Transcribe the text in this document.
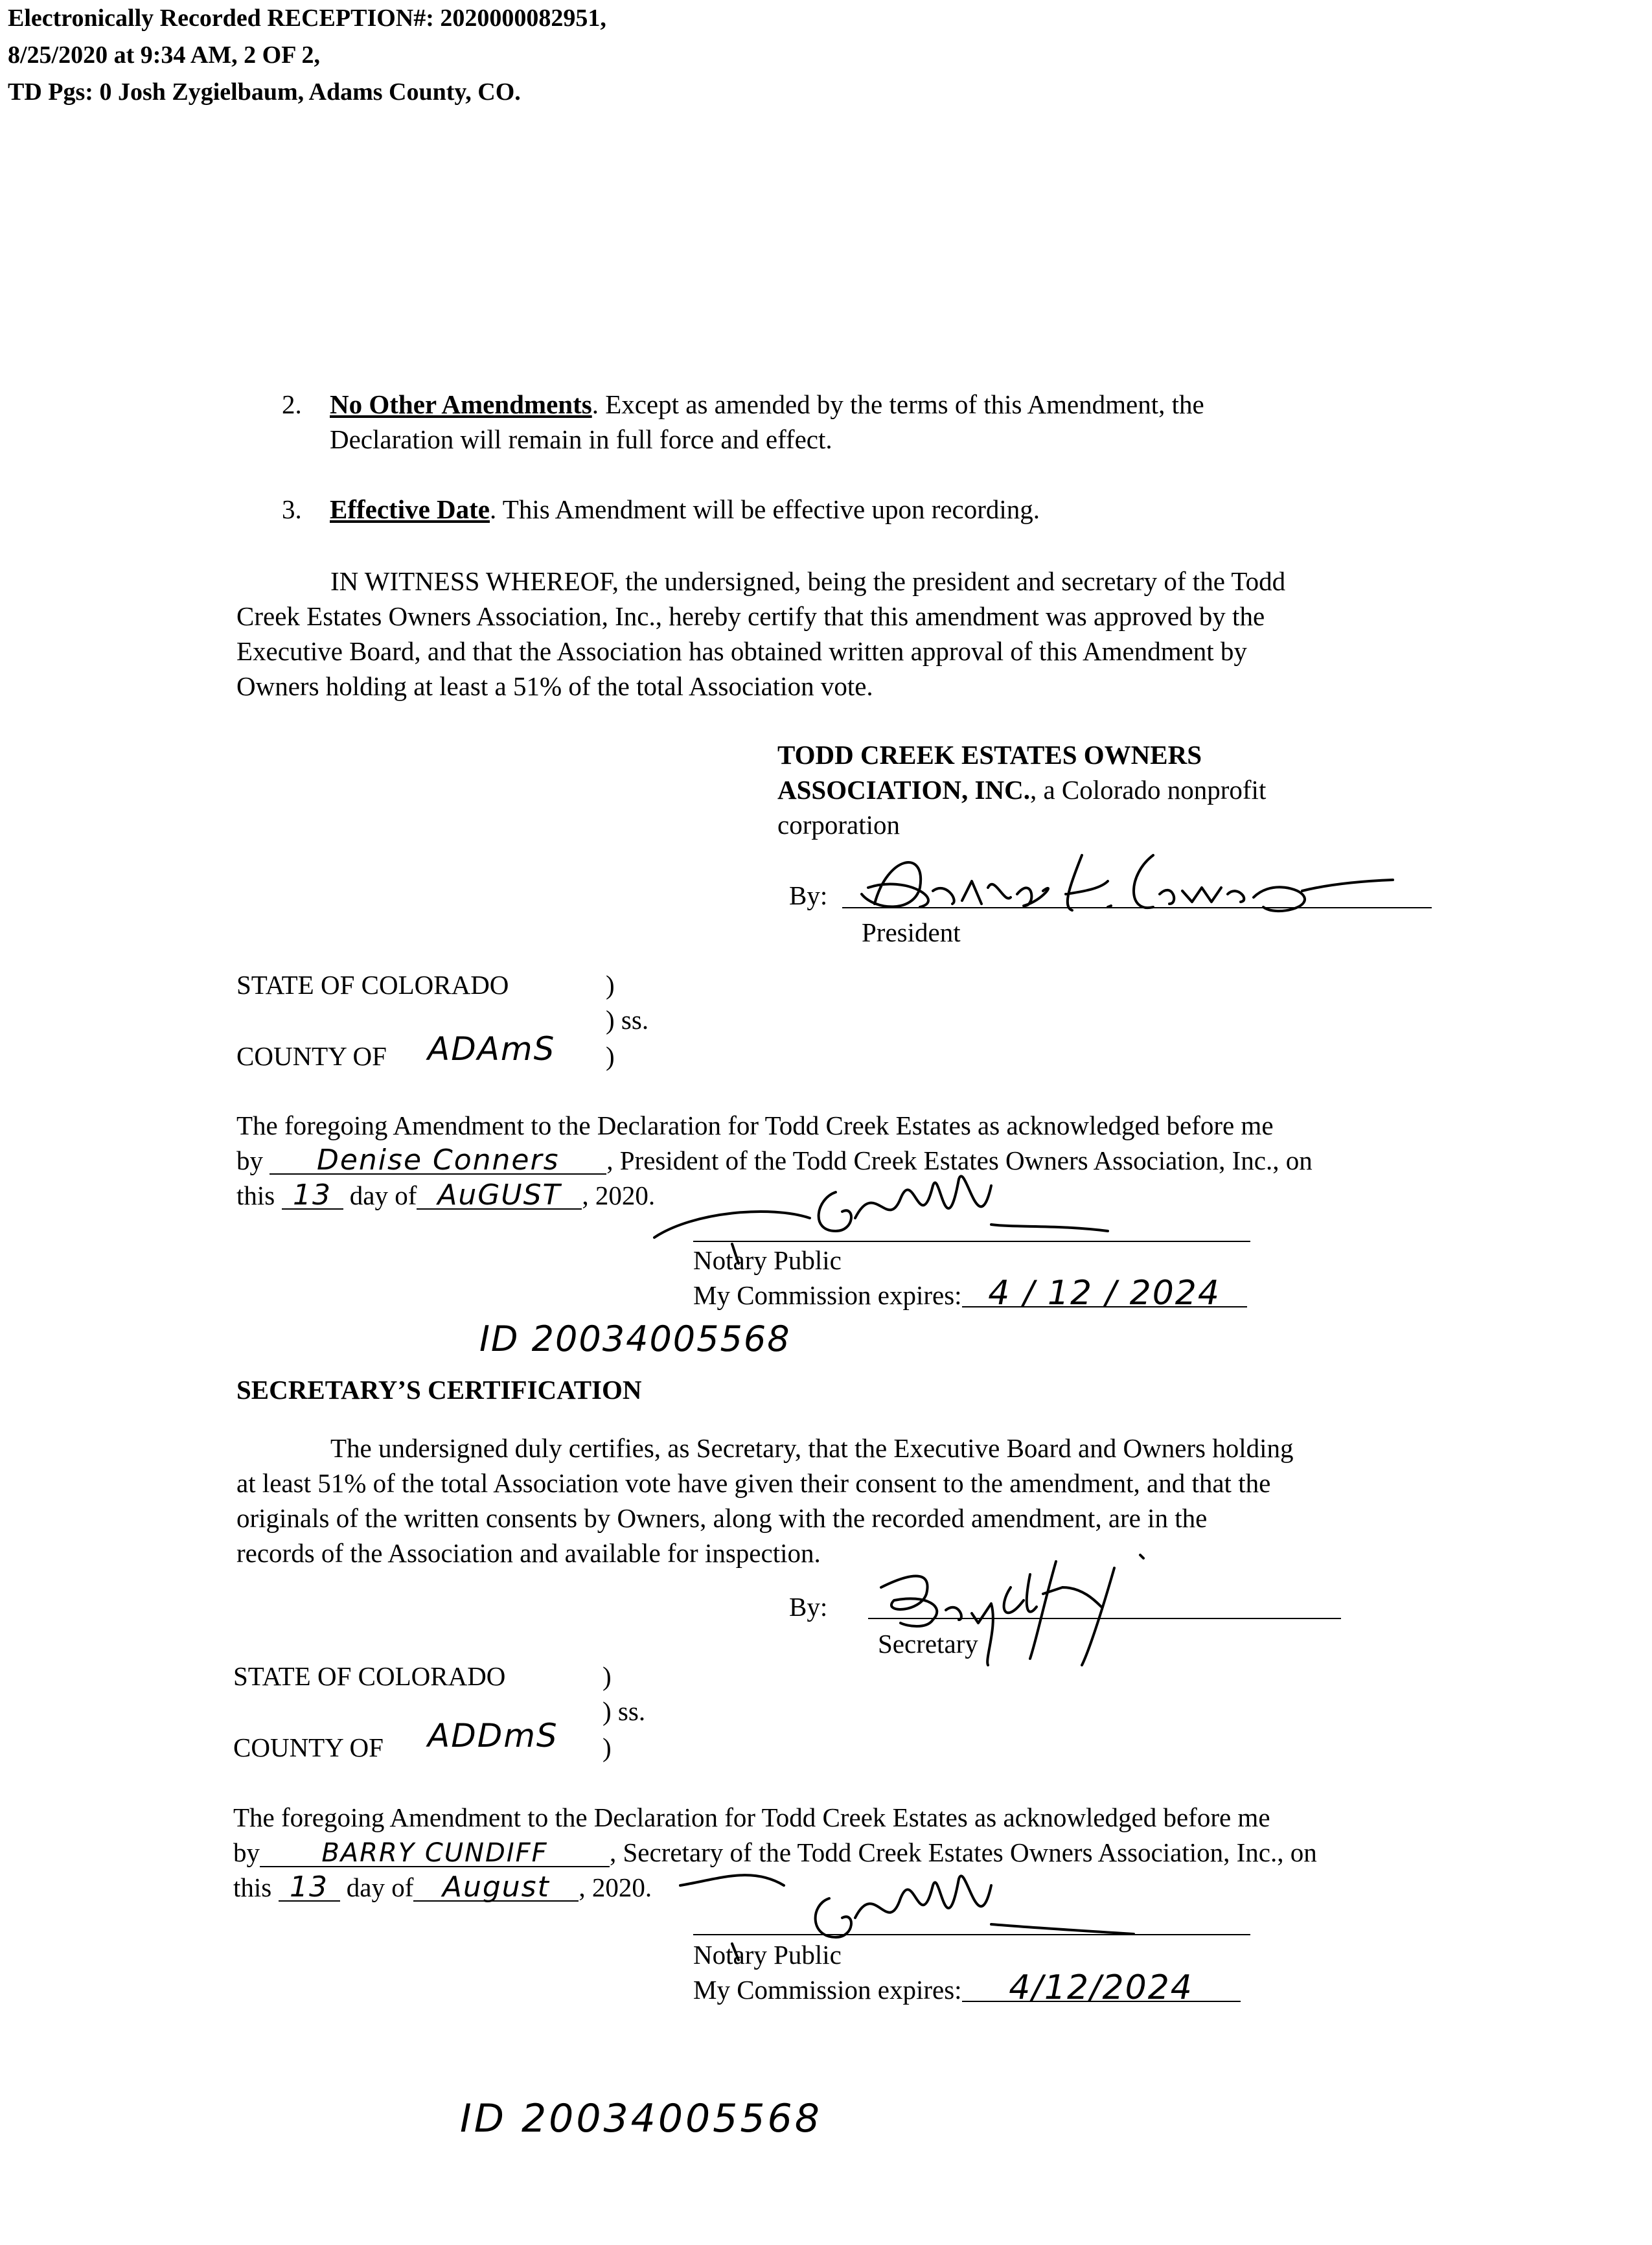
Electronically Recorded RECEPTION#: 2020000082951,
8/25/2020 at 9:34 AM, 2 OF 2,
TD Pgs: 0 Josh Zygielbaum, Adams County, CO.
2. No Other Amendments. Except as amended by the terms of this Amendment, the
Declaration will remain in full force and effect.
3. Effective Date. This Amendment will be effective upon recording.
IN WITNESS WHEREOF, the undersigned, being the president and secretary of the Todd
Creek Estates Owners Association, Inc., hereby certify that this amendment was approved by the
Executive Board, and that the Association has obtained written approval of this Amendment by
Owners holding at least a 51% of the total Association vote.
TODD CREEK ESTATES OWNERS
ASSOCIATION, INC., a Colorado nonprofit
corporation
By:
President
STATE OF COLORADO	)
) ss.
COUNTY OF ADAmS )
The foregoing Amendment to the Declaration for Todd Creek Estates as acknowledged before me
by Denise Conners , President of the Todd Creek Estates Owners Association, Inc., on
this 13 day of AuGUST , 2020.
Notary Public
My Commission expires: 4 / 12 / 2024
ID 20034005568
SECRETARY’S CERTIFICATION
The undersigned duly certifies, as Secretary, that the Executive Board and Owners holding
at least 51% of the total Association vote have given their consent to the amendment, and that the
originals of the written consents by Owners, along with the recorded amendment, are in the
records of the Association and available for inspection.
By:
Secretary
STATE OF COLORADO	)
) ss.
COUNTY OF ADDmS )
The foregoing Amendment to the Declaration for Todd Creek Estates as acknowledged before me
by BARRY CUNDIFF , Secretary of the Todd Creek Estates Owners Association, Inc., on
this 13 day of August , 2020.
Notary Public
My Commission expires: 4/12/2024
ID 20034005568
